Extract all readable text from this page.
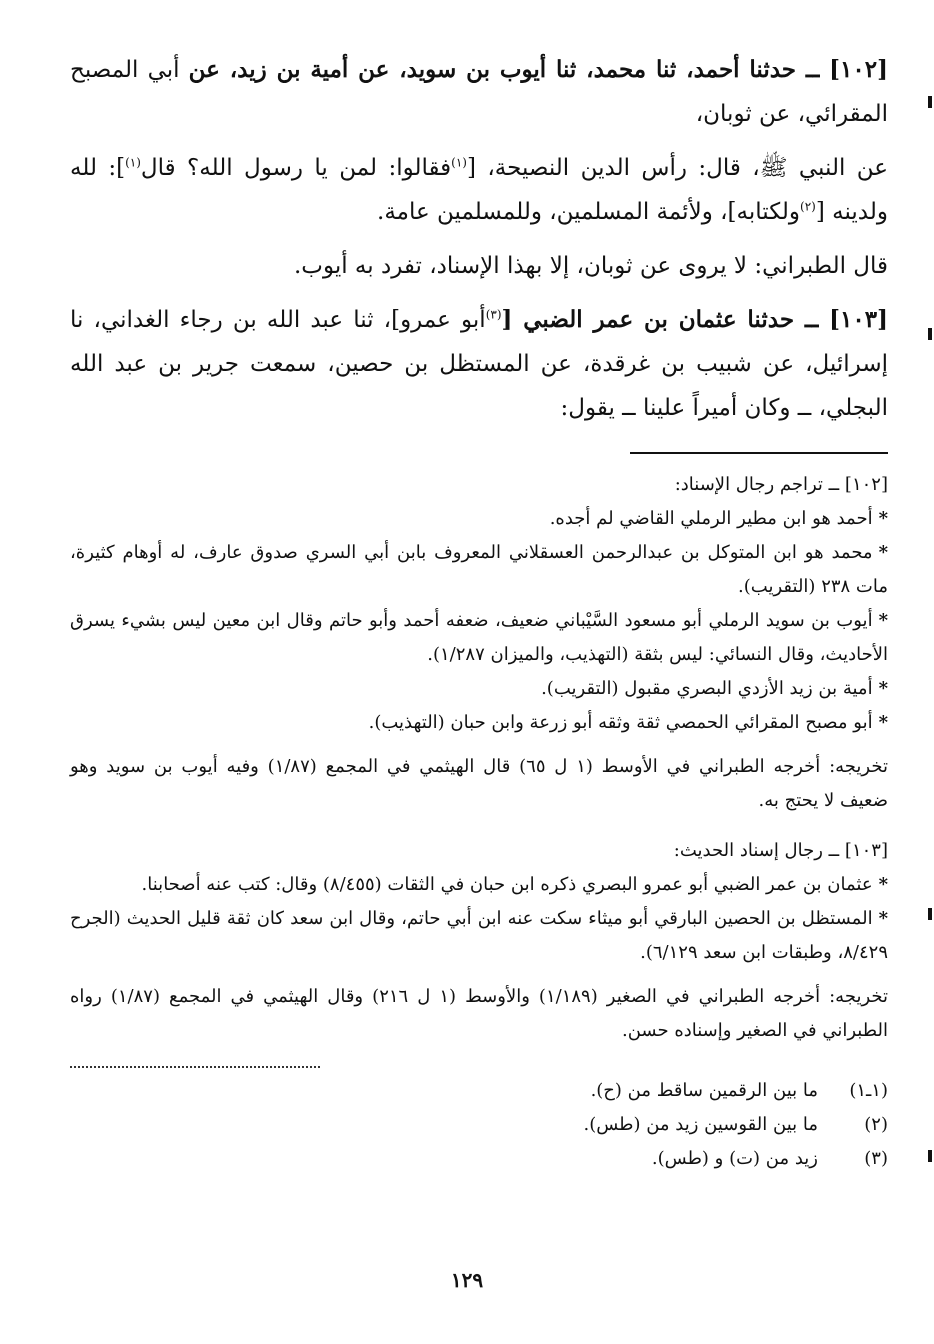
[١٠٢] ــ حدثنا أحمد، ثنا محمد، ثنا أيوب بن سويد، عن أمية بن زيد، عن أبي المصبح المقرائي، عن ثوبان،

عن النبي ﷺ، قال: رأس الدين النصيحة، [$^{(١)}$فقالوا: لمن يا رسول الله؟ قال$^{(١)}$]: لله ولدينه [$^{(٢)}$ولكتابه]، ولأئمة المسلمين، وللمسلمين عامة.

قال الطبراني: لا يروى عن ثوبان، إلا بهذا الإسناد، تفرد به أيوب.

[١٠٣] ــ حدثنا عثمان بن عمر الضبي [$^{(٣)}$أبو عمرو]، ثنا عبد الله بن رجاء الغداني، نا إسرائيل، عن شبيب بن غرقدة، عن المستظل بن حصين، سمعت جرير بن عبد الله البجلي، ــ وكان أميراً علينا ــ يقول:

[١٠٢] ــ تراجم رجال الإسناد:

*أحمد هو ابن مطير الرملي القاضي لم أجده.

*محمد هو ابن المتوكل بن عبدالرحمن العسقلاني المعروف بابن أبي السري صدوق عارف، له أوهام كثيرة، مات ٢٣٨ (التقريب).

*أيوب بن سويد الرملي أبو مسعود السَّيْباني ضعيف، ضعفه أحمد وأبو حاتم وقال ابن معين ليس بشيء يسرق الأحاديث، وقال النسائي: ليس بثقة (التهذيب، والميزان ١/٢٨٧).

*أمية بن زيد الأزدي البصري مقبول (التقريب).

*أبو مصبح المقرائي الحمصي ثقة وثقه أبو زرعة وابن حبان (التهذيب).

تخريجه: أخرجه الطبراني في الأوسط (١ ل ٦٥) قال الهيثمي في المجمع (١/٨٧) وفيه أيوب بن سويد وهو ضعيف لا يحتج به.

[١٠٣] ــ رجال إسناد الحديث:

*عثمان بن عمر الضبي أبو عمرو البصري ذكره ابن حبان في الثقات (٨/٤٥٥) وقال: كتب عنه أصحابنا.

*المستظل بن الحصين البارقي أبو ميثاء سكت عنه ابن أبي حاتم، وقال ابن سعد كان ثقة قليل الحديث (الجرح ٨/٤٢٩، وطبقات ابن سعد ٦/١٢٩).

تخريجه: أخرجه الطبراني في الصغير (١/١٨٩) والأوسط (١ ل ٢١٦) وقال الهيثمي في المجمع (١/٨٧) رواه الطبراني في الصغير وإسناده حسن.

(١ـ١)ما بين الرقمين ساقط من (ح).

(٢)ما بين القوسين زيد من (طس).

(٣)زيد من (ت) و (طس).

١٢٩
